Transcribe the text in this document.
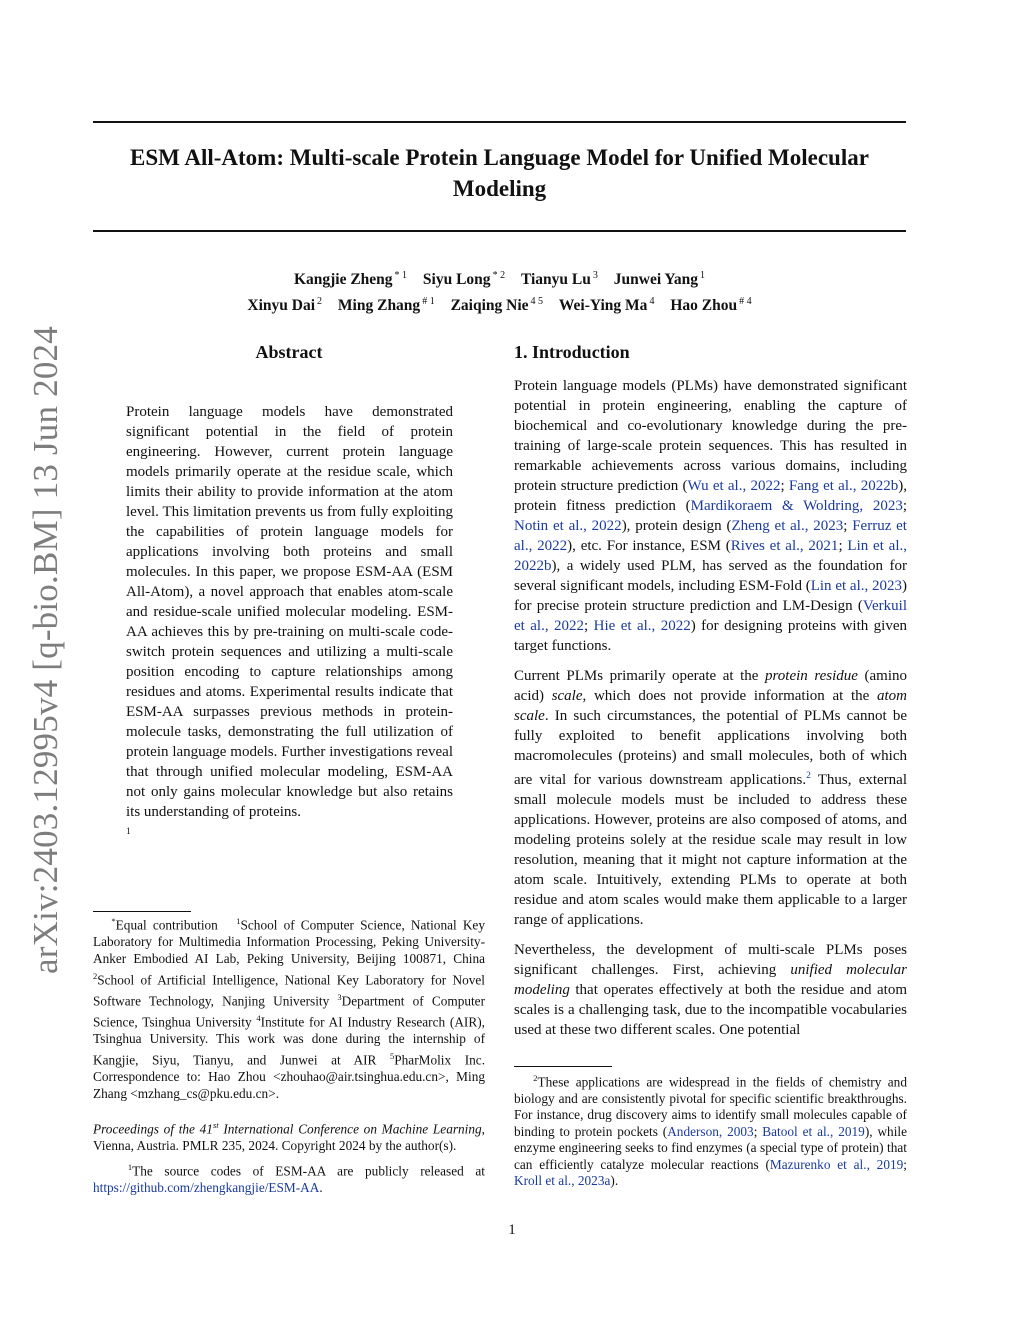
arXiv:2403.12995v4 [q-bio.BM] 13 Jun 2024
ESM All-Atom: Multi-scale Protein Language Model for Unified Molecular Modeling
Kangjie Zheng $^{* 1}$ Siyu Long $^{* 2}$ Tianyu Lu $^3$ Junwei Yang $^1$
Xinyu Dai $^2$ Ming Zhang $^{\# 1}$ Zaiqing Nie $^{4 5}$ Wei-Ying Ma $^4$ Hao Zhou $^{\# 4}$
Abstract
Protein language models have demonstrated significant potential in the field of protein engineering. However, current protein language models primarily operate at the residue scale, which limits their ability to provide information at the atom level. This limitation prevents us from fully exploiting the capabilities of protein language models for applications involving both proteins and small molecules. In this paper, we propose ESM-AA (ESM All-Atom), a novel approach that enables atom-scale and residue-scale unified molecular modeling. ESM-AA achieves this by pre-training on multi-scale code-switch protein sequences and utilizing a multi-scale position encoding to capture relationships among residues and atoms. Experimental results indicate that ESM-AA surpasses previous methods in protein-molecule tasks, demonstrating the full utilization of protein language models. Further investigations reveal that through unified molecular modeling, ESM-AA not only gains molecular knowledge but also retains its understanding of proteins.
$^1$

*Equal contribution $^1$School of Computer Science, National Key Laboratory for Multimedia Information Processing, Peking University-Anker Embodied AI Lab, Peking University, Beijing 100871, China $^2$School of Artificial Intelligence, National Key Laboratory for Novel Software Technology, Nanjing University $^3$Department of Computer Science, Tsinghua University $^4$Institute for AI Industry Research (AIR), Tsinghua University. This work was done during the internship of Kangjie, Siyu, Tianyu, and Junwei at AIR $^5$PharMolix Inc. Correspondence to: Hao Zhou <zhouhao@air.tsinghua.edu.cn>, Ming Zhang <mzhang_cs@pku.edu.cn>.

Proceedings of the 41st International Conference on Machine Learning, Vienna, Austria. PMLR 235, 2024. Copyright 2024 by the author(s).

$^1$The source codes of ESM-AA are publicly released at https://github.com/zhengkangjie/ESM-AA.

1. Introduction

Protein language models (PLMs) have demonstrated significant potential in protein engineering, enabling the capture of biochemical and co-evolutionary knowledge during the pre-training of large-scale protein sequences. This has resulted in remarkable achievements across various domains, including protein structure prediction (Wu et al., 2022; Fang et al., 2022b), protein fitness prediction (Mardikoraem & Woldring, 2023; Notin et al., 2022), protein design (Zheng et al., 2023; Ferruz et al., 2022), etc. For instance, ESM (Rives et al., 2021; Lin et al., 2022b), a widely used PLM, has served as the foundation for several significant models, including ESM-Fold (Lin et al., 2023) for precise protein structure prediction and LM-Design (Verkuil et al., 2022; Hie et al., 2022) for designing proteins with given target functions.

Current PLMs primarily operate at the protein residue (amino acid) scale, which does not provide information at the atom scale. In such circumstances, the potential of PLMs cannot be fully exploited to benefit applications involving both macromolecules (proteins) and small molecules, both of which are vital for various downstream applications.$^2$ Thus, external small molecule models must be included to address these applications. However, proteins are also composed of atoms, and modeling proteins solely at the residue scale may result in low resolution, meaning that it might not capture information at the atom scale. Intuitively, extending PLMs to operate at both residue and atom scales would make them applicable to a larger range of applications.

Nevertheless, the development of multi-scale PLMs poses significant challenges. First, achieving unified molecular modeling that operates effectively at both the residue and atom scales is a challenging task, due to the incompatible vocabularies used at these two different scales. One potential

$^2$These applications are widespread in the fields of chemistry and biology and are consistently pivotal for specific scientific breakthroughs. For instance, drug discovery aims to identify small molecules capable of binding to protein pockets (Anderson, 2003; Batool et al., 2019), while enzyme engineering seeks to find enzymes (a special type of protein) that can efficiently catalyze molecular reactions (Mazurenko et al., 2019; Kroll et al., 2023a).
1
